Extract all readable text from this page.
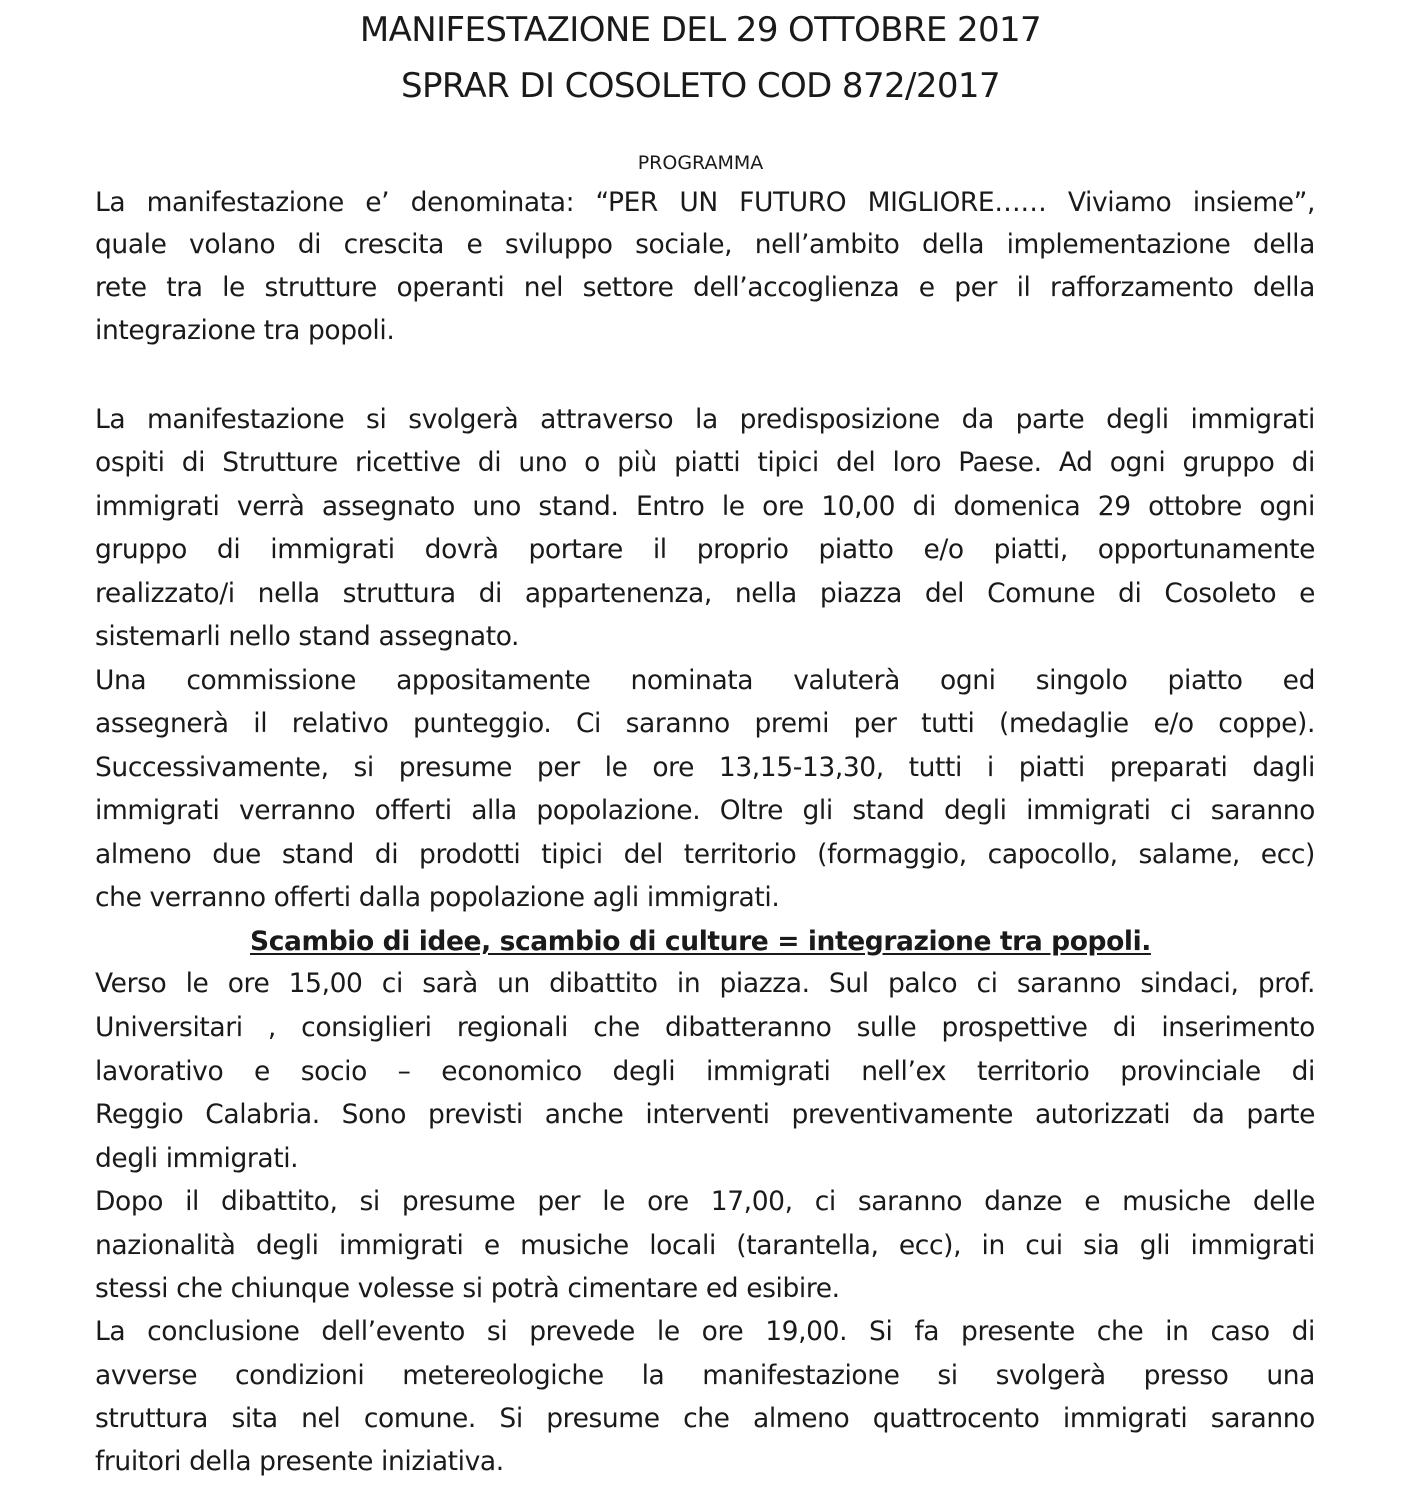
MANIFESTAZIONE DEL 29 OTTOBRE 2017
SPRAR DI COSOLETO COD 872/2017
PROGRAMMA
La manifestazione e’ denominata: “PER UN FUTURO MIGLIORE…… Viviamo insieme”,
quale volano di crescita e sviluppo sociale, nell’ambito della implementazione della
rete tra le strutture operanti nel settore dell’accoglienza e per il rafforzamento della
integrazione tra popoli.
La manifestazione si svolgerà attraverso la predisposizione da parte degli immigrati
ospiti di Strutture ricettive di uno o più piatti tipici del loro Paese. Ad ogni gruppo di
immigrati verrà assegnato uno stand. Entro le ore 10,00 di domenica 29 ottobre ogni
gruppo di immigrati dovrà portare il proprio piatto e/o piatti, opportunamente
realizzato/i nella struttura di appartenenza, nella piazza del Comune di Cosoleto e
sistemarli nello stand assegnato.
Una commissione appositamente nominata valuterà ogni singolo piatto ed
assegnerà il relativo punteggio. Ci saranno premi per tutti (medaglie e/o coppe).
Successivamente, si presume per le ore 13,15-13,30, tutti i piatti preparati dagli
immigrati verranno offerti alla popolazione. Oltre gli stand degli immigrati ci saranno
almeno due stand di prodotti tipici del territorio (formaggio, capocollo, salame, ecc)
che verranno offerti dalla popolazione agli immigrati.
Scambio di idee, scambio di culture = integrazione tra popoli.
Verso le ore 15,00 ci sarà un dibattito in piazza. Sul palco ci saranno sindaci, prof.
Universitari , consiglieri regionali che dibatteranno sulle prospettive di inserimento
lavorativo e socio – economico degli immigrati nell’ex territorio provinciale di
Reggio Calabria. Sono previsti anche interventi preventivamente autorizzati da parte
degli immigrati.
Dopo il dibattito, si presume per le ore 17,00, ci saranno danze e musiche delle
nazionalità degli immigrati e musiche locali (tarantella, ecc), in cui sia gli immigrati
stessi che chiunque volesse si potrà cimentare ed esibire.
La conclusione dell’evento si prevede le ore 19,00. Si fa presente che in caso di
avverse condizioni metereologiche la manifestazione si svolgerà presso una
struttura sita nel comune. Si presume che almeno quattrocento immigrati saranno
fruitori della presente iniziativa.
